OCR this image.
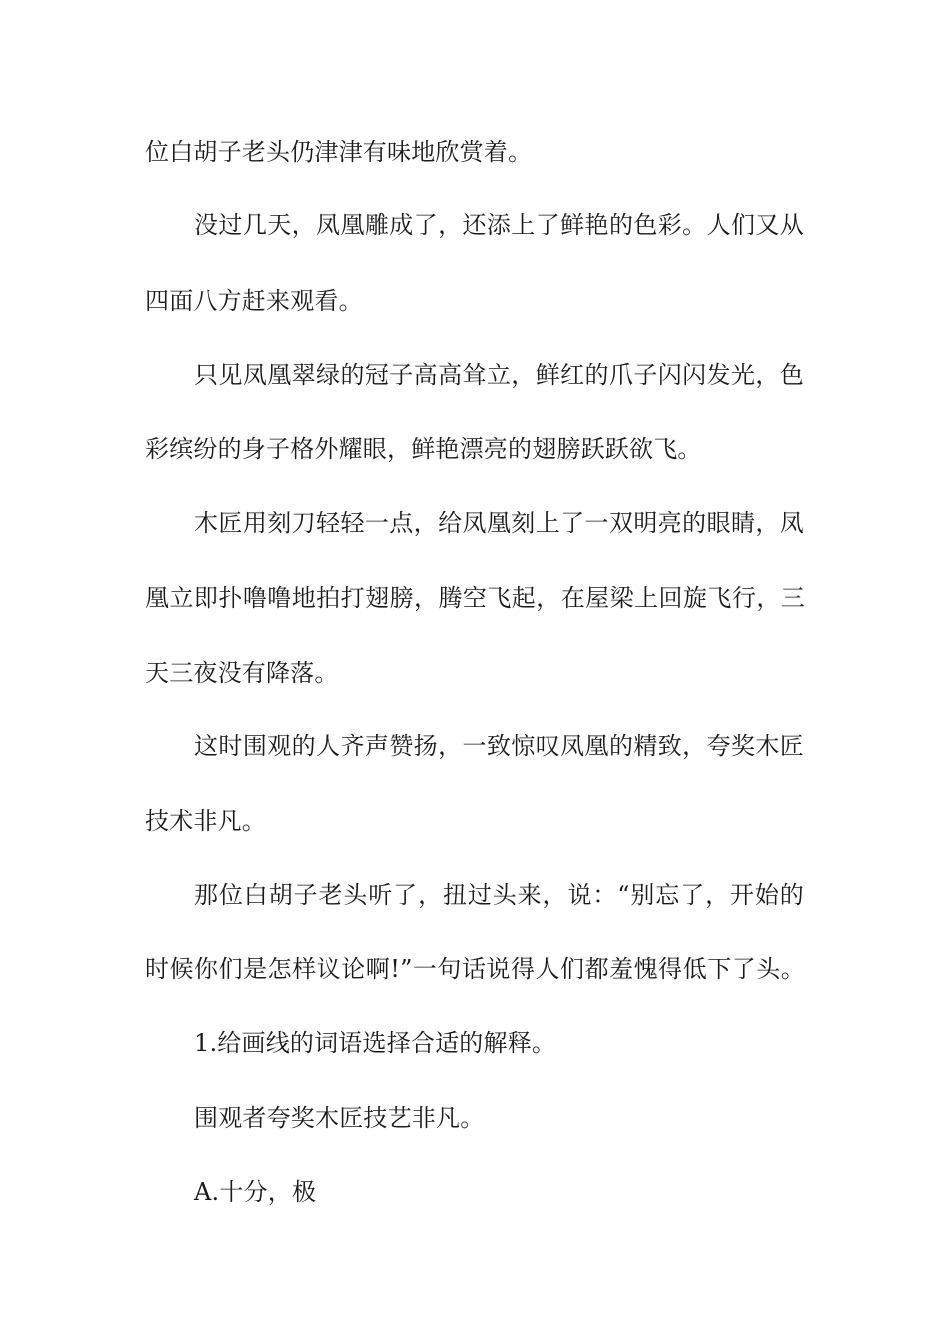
位白胡子老头仍津津有味地欣赏着。
没过几天，凤凰雕成了，还添上了鲜艳的色彩。人们又从
四面八方赶来观看。
只见凤凰翠绿的冠子高高耸立，鲜红的爪子闪闪发光，色
彩缤纷的身子格外耀眼，鲜艳漂亮的翅膀跃跃欲飞。
木匠用刻刀轻轻一点，给凤凰刻上了一双明亮的眼睛，凤
凰立即扑噜噜地拍打翅膀，腾空飞起，在屋梁上回旋飞行，三
天三夜没有降落。
这时围观的人齐声赞扬，一致惊叹凤凰的精致，夸奖木匠
技术非凡。
那位白胡子老头听了，扭过头来，说：“别忘了，开始的
时候你们是怎样议论啊!”一句话说得人们都羞愧得低下了头。
1.给画线的词语选择合适的解释。
围观者夸奖木匠技艺非凡。
A.十分，极
